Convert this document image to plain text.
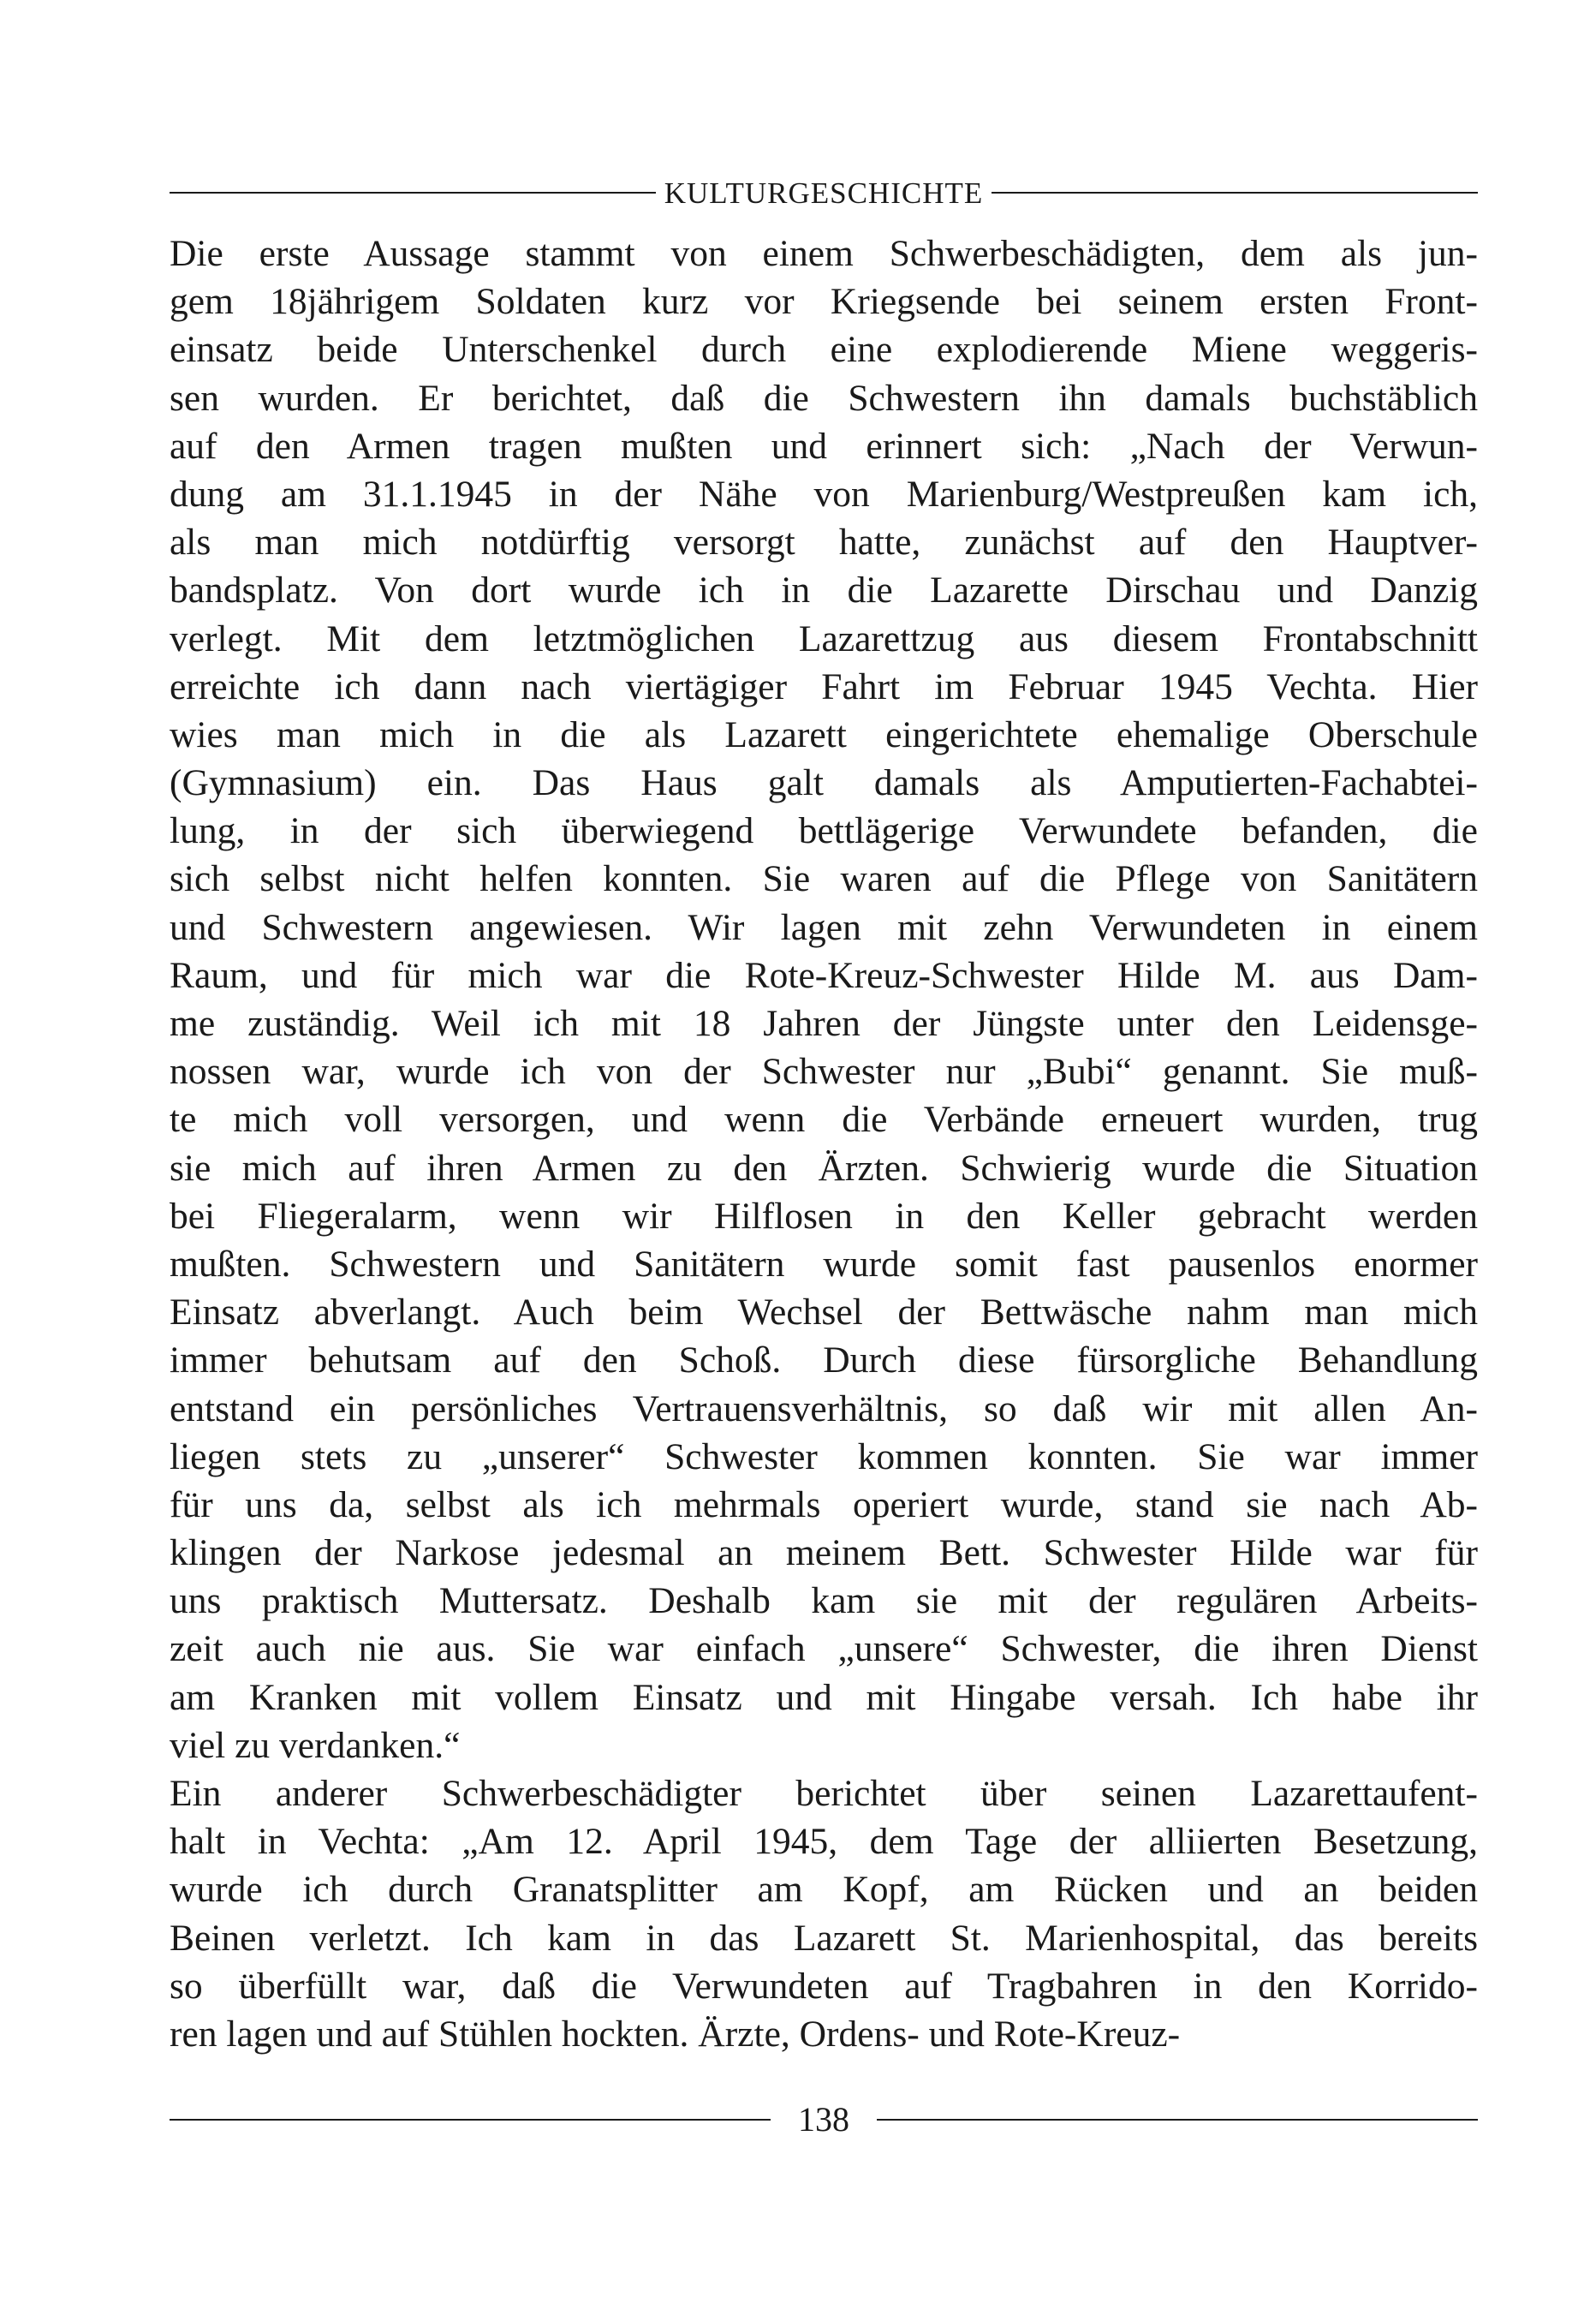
KULTURGESCHICHTE
Die erste Aussage stammt von einem Schwerbeschädigten, dem als jun-
gem 18jährigem Soldaten kurz vor Kriegsende bei seinem ersten Front-
einsatz beide Unterschenkel durch eine explodierende Miene weggeris-
sen wurden. Er berichtet, daß die Schwestern ihn damals buchstäblich
auf den Armen tragen mußten und erinnert sich: „Nach der Verwun-
dung am 31.1.1945 in der Nähe von Marienburg/Westpreußen kam ich,
als man mich notdürftig versorgt hatte, zunächst auf den Hauptver-
bandsplatz. Von dort wurde ich in die Lazarette Dirschau und Danzig
verlegt. Mit dem letztmöglichen Lazarettzug aus diesem Frontabschnitt
erreichte ich dann nach viertägiger Fahrt im Februar 1945 Vechta. Hier
wies man mich in die als Lazarett eingerichtete ehemalige Oberschule
(Gymnasium) ein. Das Haus galt damals als Amputierten-Fachabtei-
lung, in der sich überwiegend bettlägerige Verwundete befanden, die
sich selbst nicht helfen konnten. Sie waren auf die Pflege von Sanitätern
und Schwestern angewiesen. Wir lagen mit zehn Verwundeten in einem
Raum, und für mich war die Rote-Kreuz-Schwester Hilde M. aus Dam-
me zuständig. Weil ich mit 18 Jahren der Jüngste unter den Leidensge-
nossen war, wurde ich von der Schwester nur „Bubi“ genannt. Sie muß-
te mich voll versorgen, und wenn die Verbände erneuert wurden, trug
sie mich auf ihren Armen zu den Ärzten. Schwierig wurde die Situation
bei Fliegeralarm, wenn wir Hilflosen in den Keller gebracht werden
mußten. Schwestern und Sanitätern wurde somit fast pausenlos enormer
Einsatz abverlangt. Auch beim Wechsel der Bettwäsche nahm man mich
immer behutsam auf den Schoß. Durch diese fürsorgliche Behandlung
entstand ein persönliches Vertrauensverhältnis, so daß wir mit allen An-
liegen stets zu „unserer“ Schwester kommen konnten. Sie war immer
für uns da, selbst als ich mehrmals operiert wurde, stand sie nach Ab-
klingen der Narkose jedesmal an meinem Bett. Schwester Hilde war für
uns praktisch Muttersatz. Deshalb kam sie mit der regulären Arbeits-
zeit auch nie aus. Sie war einfach „unsere“ Schwester, die ihren Dienst
am Kranken mit vollem Einsatz und mit Hingabe versah. Ich habe ihr
viel zu verdanken.“
Ein anderer Schwerbeschädigter berichtet über seinen Lazarettaufent-
halt in Vechta: „Am 12. April 1945, dem Tage der alliierten Besetzung,
wurde ich durch Granatsplitter am Kopf, am Rücken und an beiden
Beinen verletzt. Ich kam in das Lazarett St. Marienhospital, das bereits
so überfüllt war, daß die Verwundeten auf Tragbahren in den Korrido-
ren lagen und auf Stühlen hockten. Ärzte, Ordens- und Rote-Kreuz-
138
